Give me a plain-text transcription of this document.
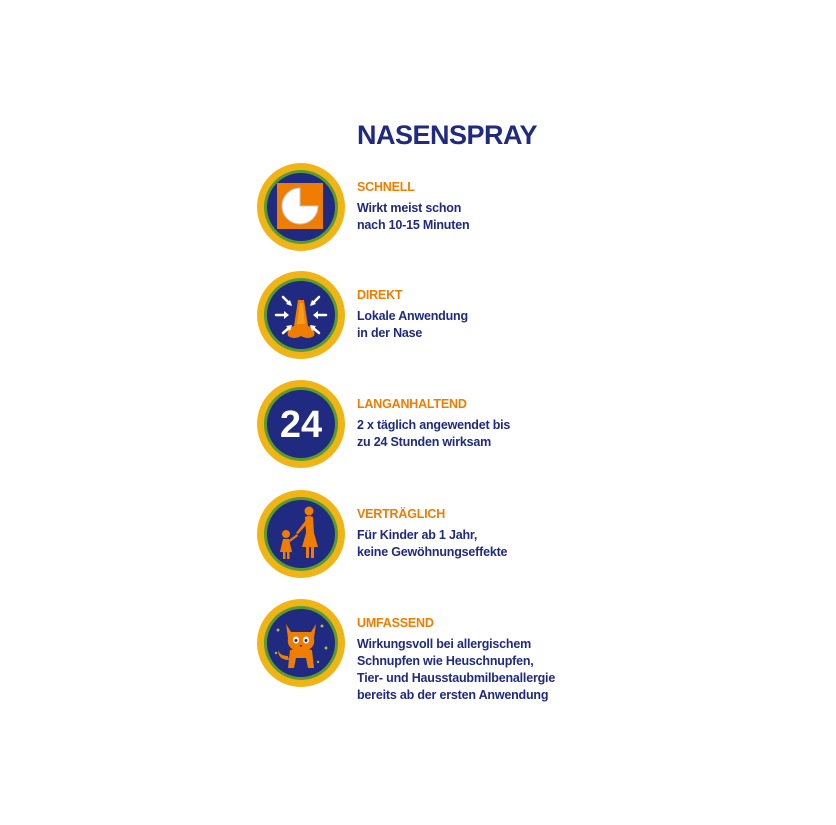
NASENSPRAY
SCHNELL
Wirkt meist schon
nach 10-15 Minuten
DIREKT
Lokale Anwendung
in der Nase
24	LANGANHALTEND
2 x täglich angewendet bis
zu 24 Stunden wirksam
VERTRÄGLICH
Für Kinder ab 1 Jahr,
keine Gewöhnungseffekte
UMFASSEND
Wirkungsvoll bei allergischem
Schnupfen wie Heuschnupfen,
Tier- und Hausstaubmilbenallergie
bereits ab der ersten Anwendung
